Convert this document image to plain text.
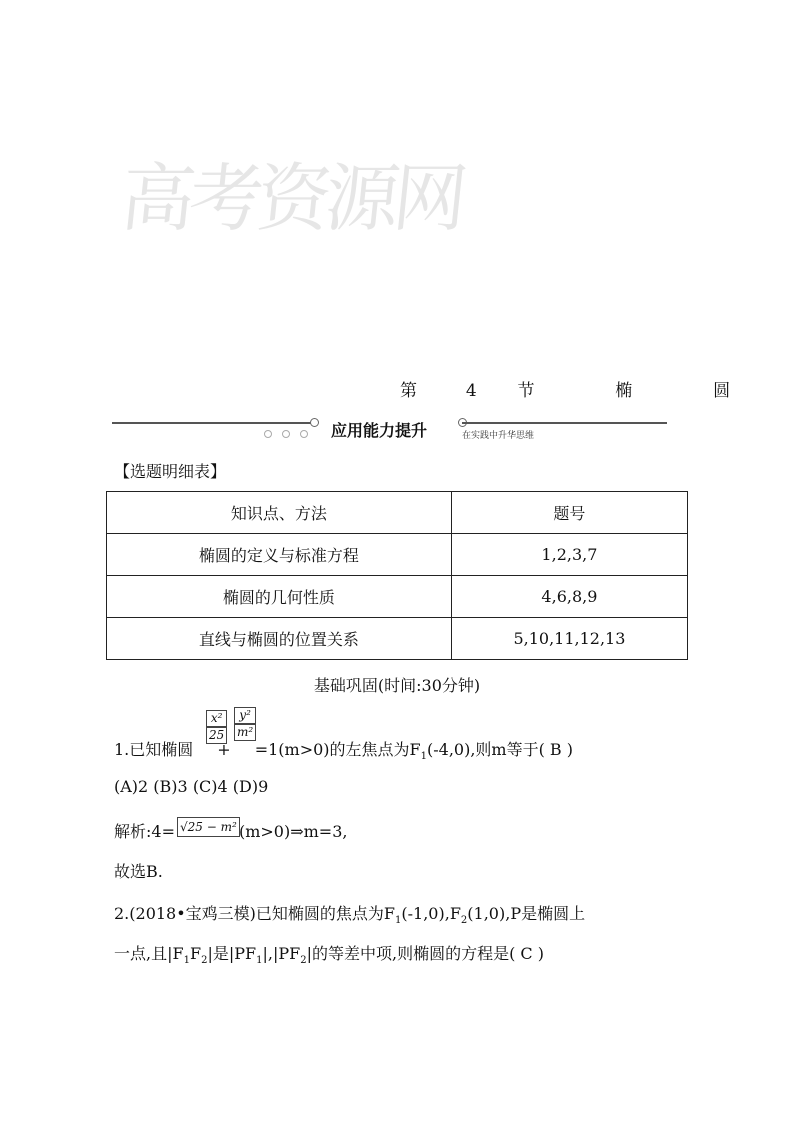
高考资源网
第	4 节	椭	圆
应用能力提升	在实践中升华思维
【选题明细表】
知识点、方法	题号
椭圆的定义与标准方程	1,2,3,7
椭圆的几何性质	4,6,8,9
直线与椭圆的位置关系	5,10,11,12,13
基础巩固(时间:30分钟)
$\frac{\text{x²}}{25} \frac{\text{y²}}{\text{m²}}$
1.已知椭圆 + =1(m>0)的左焦点为$F_1(-4,0)$,则m等于( B )
(A)2 (B)3 (C)4 (D)9
解析:4=	(m>0)⇒m=3,
√25 − m²
故选B.
2.(2018•宝鸡三模)已知椭圆的焦点为$F_1(-1,0),F_2(1,0),P$是椭圆上
一点,且$|F_1F_2|$是$|PF_1|,|PF_2|$的等差中项,则椭圆的方程是( C )
